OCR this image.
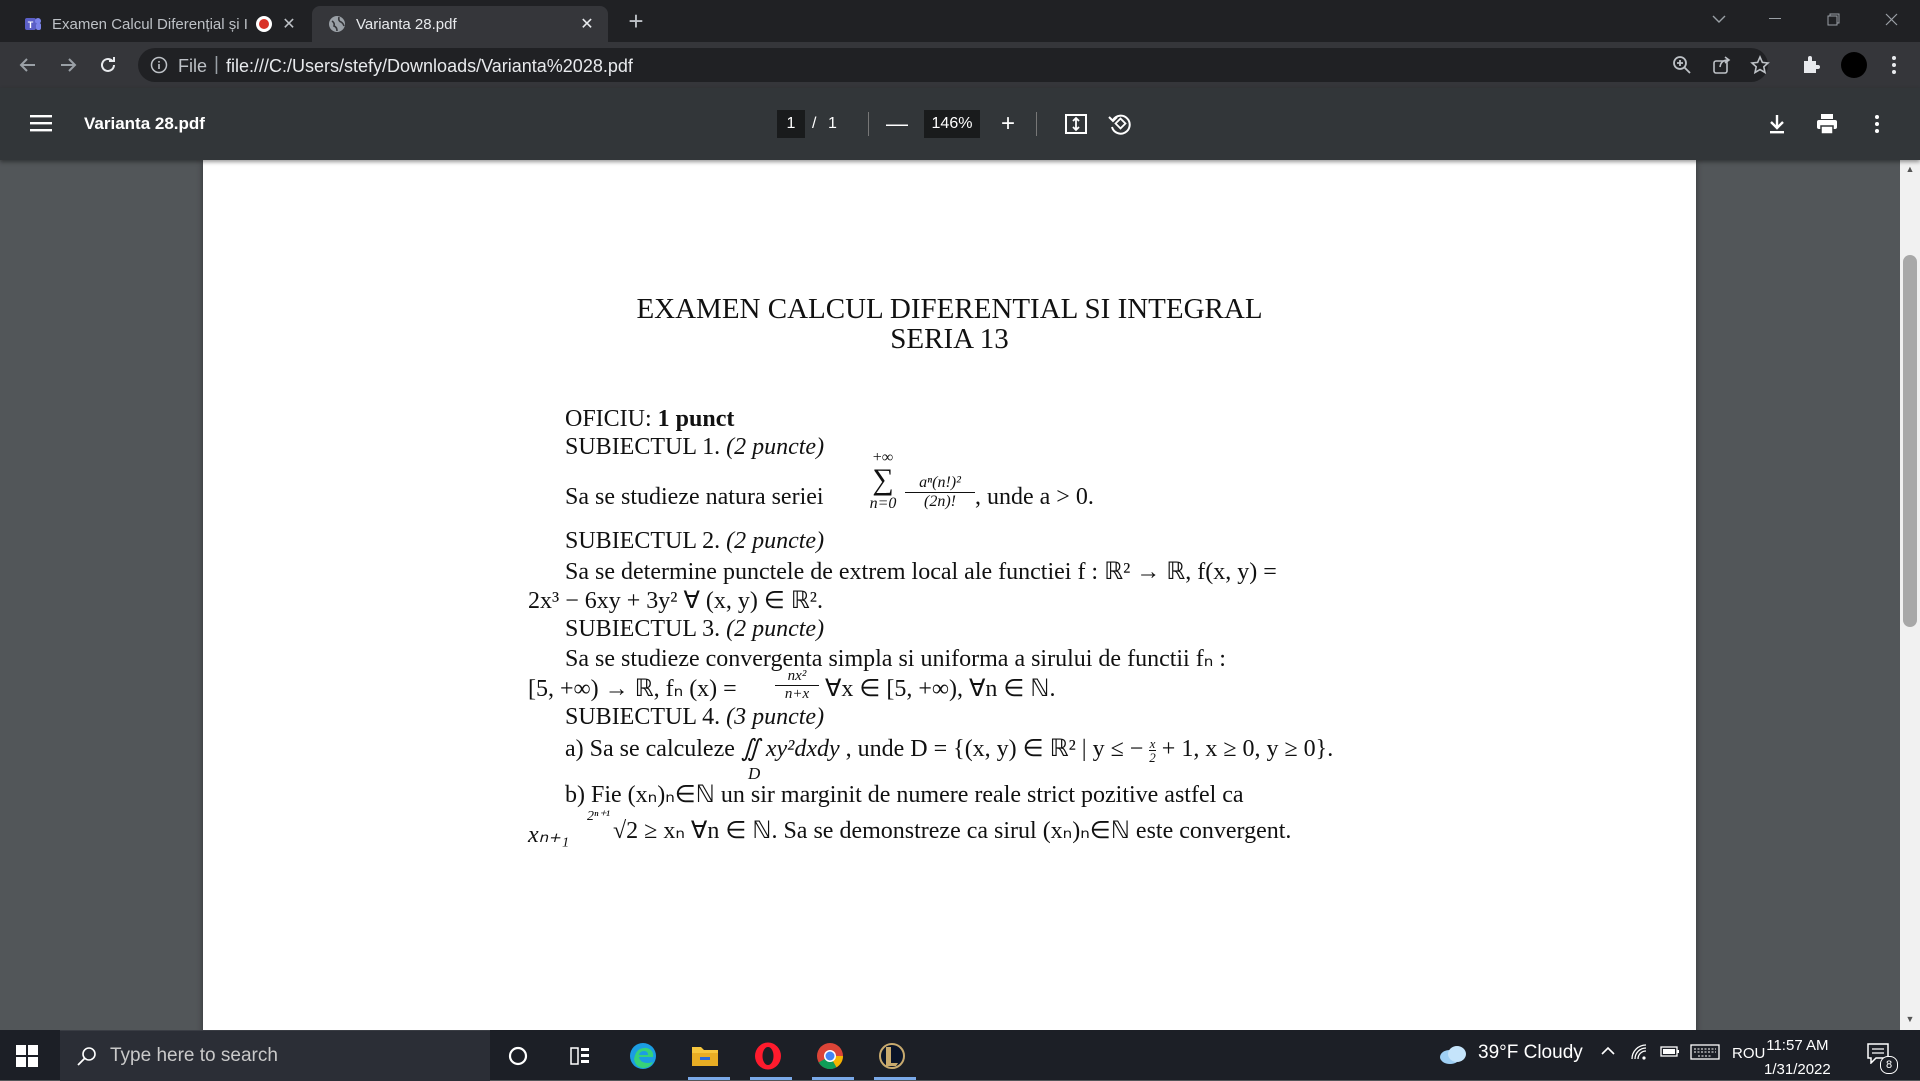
T Examen Calcul Diferențial și I ✕	Varianta 28.pdf	✕ +
File | file:///C:/Users/stefy/Downloads/Varianta%2028.pdf
Varianta 28.pdf	1	/ 1 —	146%	+
EXAMEN CALCUL DIFERENTIAL SI INTEGRAL
SERIA 13
OFICIU: 1 punct
SUBIECTUL 1. (2 puncte)
Sa se studieze natura seriei
+∞
∑
$n=0 \frac{\text{aⁿ(n!)²}}{(2n)!}$ , unde a > 0.
SUBIECTUL 2. (2 puncte)
Sa se determine punctele de extrem local ale functiei f : ℝ² → ℝ, f(x, y) =
2x³ − 6xy + 3y² ∀ (x, y) ∈ ℝ².
SUBIECTUL 3. (2 puncte)
Sa se studieze convergenta simpla si uniforma a sirului de functii fₙ :
[5, +∞) → ℝ, fₙ (x) =	$\frac{\text{nx²}}{n+x}$ ∀x ∈ [5, +∞), ∀n ∈ ℕ.
SUBIECTUL 4. (3 puncte)
a) Sa se calculeze ∬ xy²dxdy , unde D = {(x, y) ∈ ℝ² | y ≤ − $\frac{x}{2} + 1$, x ≥ 0, y ≥ 0}.
D
b) Fie (xₙ)ₙ∈ℕ un sir marginit de numere reale strict pozitive astfel ca
xₙ₊₁
2ⁿ⁺¹
√2 ≥ xₙ ∀n ∈ ℕ. Sa se demonstreze ca sirul (xₙ)ₙ∈ℕ este convergent.
▲
▼
Type here to search	39°F Cloudy	ROU 11:57 AM
1/31/2022	8
